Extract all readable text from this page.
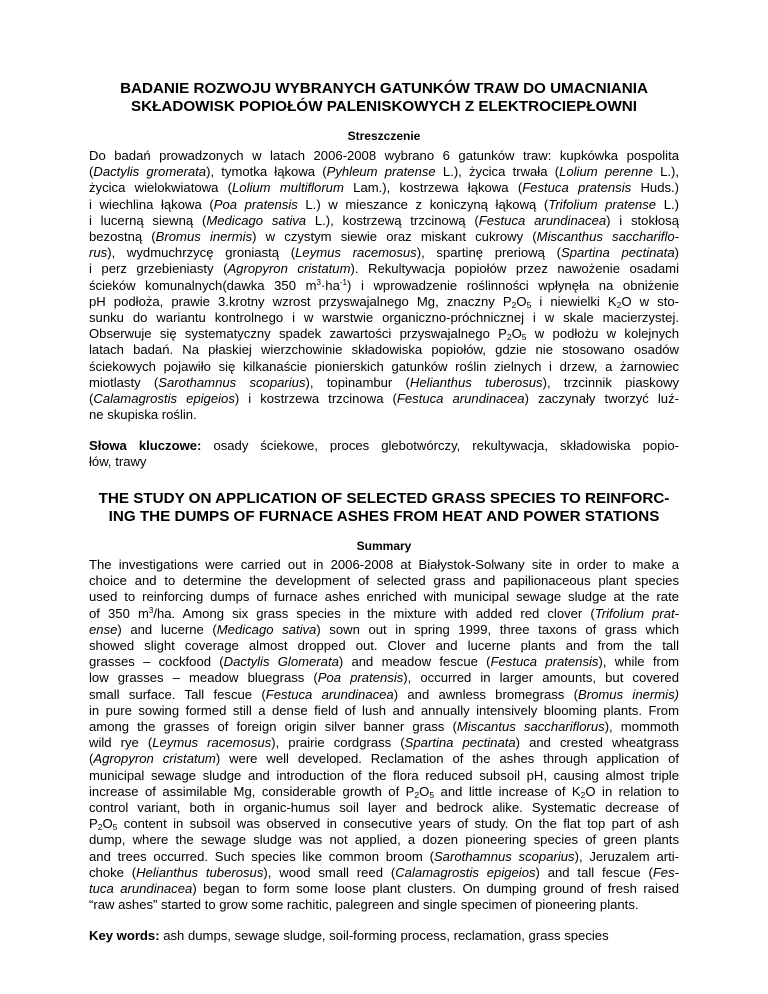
BADANIE ROZWOJU WYBRANYCH GATUNKÓW TRAW DO UMACNIANIA
SKŁADOWISK POPIOŁÓW PALENISKOWYCH Z ELEKTROCIEPŁOWNI
Streszczenie
Do badań prowadzonych w latach 2006-2008 wybrano 6 gatunków traw: kupkówka pospolita
(Dactylis gromerata), tymotka łąkowa (Pyhleum pratense L.), życica trwała (Lolium perenne L.),
życica wielokwiatowa (Lolium multiflorum Lam.), kostrzewa łąkowa (Festuca pratensis Huds.)
i wiechlina łąkowa (Poa pratensis L.) w mieszance z koniczyną łąkową (Trifolium pratense L.)
i lucerną siewną (Medicago sativa L.), kostrzewą trzcinową (Festuca arundinacea) i stokłosą
bezostną (Bromus inermis) w czystym siewie oraz miskant cukrowy (Miscanthus sacchariflo-
rus), wydmuchrzycę groniastą (Leymus racemosus), spartinę preriową (Spartina pectinata)
i perz grzebieniasty (Agropyron cristatum). Rekultywacja popiołów przez nawożenie osadami
ścieków komunalnych(dawka 350 $m^3\cdot ha^{-1}$) i wprowadzenie roślinności wpłynęła na obniżenie
pH podłoża, prawie 3.krotny wzrost przyswajalnego Mg, znaczny $P_2O_5$ i niewielki $K_2O$ w sto-
sunku do wariantu kontrolnego i w warstwie organiczno-próchnicznej i w skale macierzystej.
Obserwuje się systematyczny spadek zawartości przyswajalnego $P_2O_5$ w podłożu w kolejnych
latach badań. Na płaskiej wierzchowinie składowiska popiołów, gdzie nie stosowano osadów
ściekowych pojawiło się kilkanaście pionierskich gatunków roślin zielnych i drzew, a żarnowiec
miotlasty (Sarothamnus scoparius), topinambur (Helianthus tuberosus), trzcinnik piaskowy
(Calamagrostis epigeios) i kostrzewa trzcinowa (Festuca arundinacea) zaczynały tworzyć luź-
ne skupiska roślin.
Słowa kluczowe: osady ściekowe, proces glebotwórczy, rekultywacja, składowiska popio-
łów, trawy
THE STUDY ON APPLICATION OF SELECTED GRASS SPECIES TO REINFORC-
ING THE DUMPS OF FURNACE ASHES FROM HEAT AND POWER STATIONS
Summary
The investigations were carried out in 2006-2008 at Białystok-Solwany site in order to make a
choice and to determine the development of selected grass and papilionaceous plant species
used to reinforcing dumps of furnace ashes enriched with municipal sewage sludge at the rate
of 350 $m^3/ha$. Among six grass species in the mixture with added red clover (Trifolium prat-
ense) and lucerne (Medicago sativa) sown out in spring 1999, three taxons of grass which
showed slight coverage almost dropped out. Clover and lucerne plants and from the tall
grasses – cockfood (Dactylis Glomerata) and meadow fescue (Festuca pratensis), while from
low grasses – meadow bluegrass (Poa pratensis), occurred in larger amounts, but covered
small surface. Tall fescue (Festuca arundinacea) and awnless bromegrass (Bromus inermis)
in pure sowing formed still a dense field of lush and annually intensively blooming plants. From
among the grasses of foreign origin silver banner grass (Miscantus sacchariflorus), mommoth
wild rye (Leymus racemosus), prairie cordgrass (Spartina pectinata) and crested wheatgrass
(Agropyron cristatum) were well developed. Reclamation of the ashes through application of
municipal sewage sludge and introduction of the flora reduced subsoil pH, causing almost triple
increase of assimilable Mg, considerable growth of $P_2O_5$ and little increase of $K_2O$ in relation to
control variant, both in organic-humus soil layer and bedrock alike. Systematic decrease of
$P_2O_5$ content in subsoil was observed in consecutive years of study. On the flat top part of ash
dump, where the sewage sludge was not applied, a dozen pioneering species of green plants
and trees occurred. Such species like common broom (Sarothamnus scoparius), Jeruzalem arti-
choke (Helianthus tuberosus), wood small reed (Calamagrostis epigeios) and tall fescue (Fes-
tuca arundinacea) began to form some loose plant clusters. On dumping ground of fresh raised
“raw ashes” started to grow some rachitic, palegreen and single specimen of pioneering plants.
Key words: ash dumps, sewage sludge, soil-forming process, reclamation, grass species
